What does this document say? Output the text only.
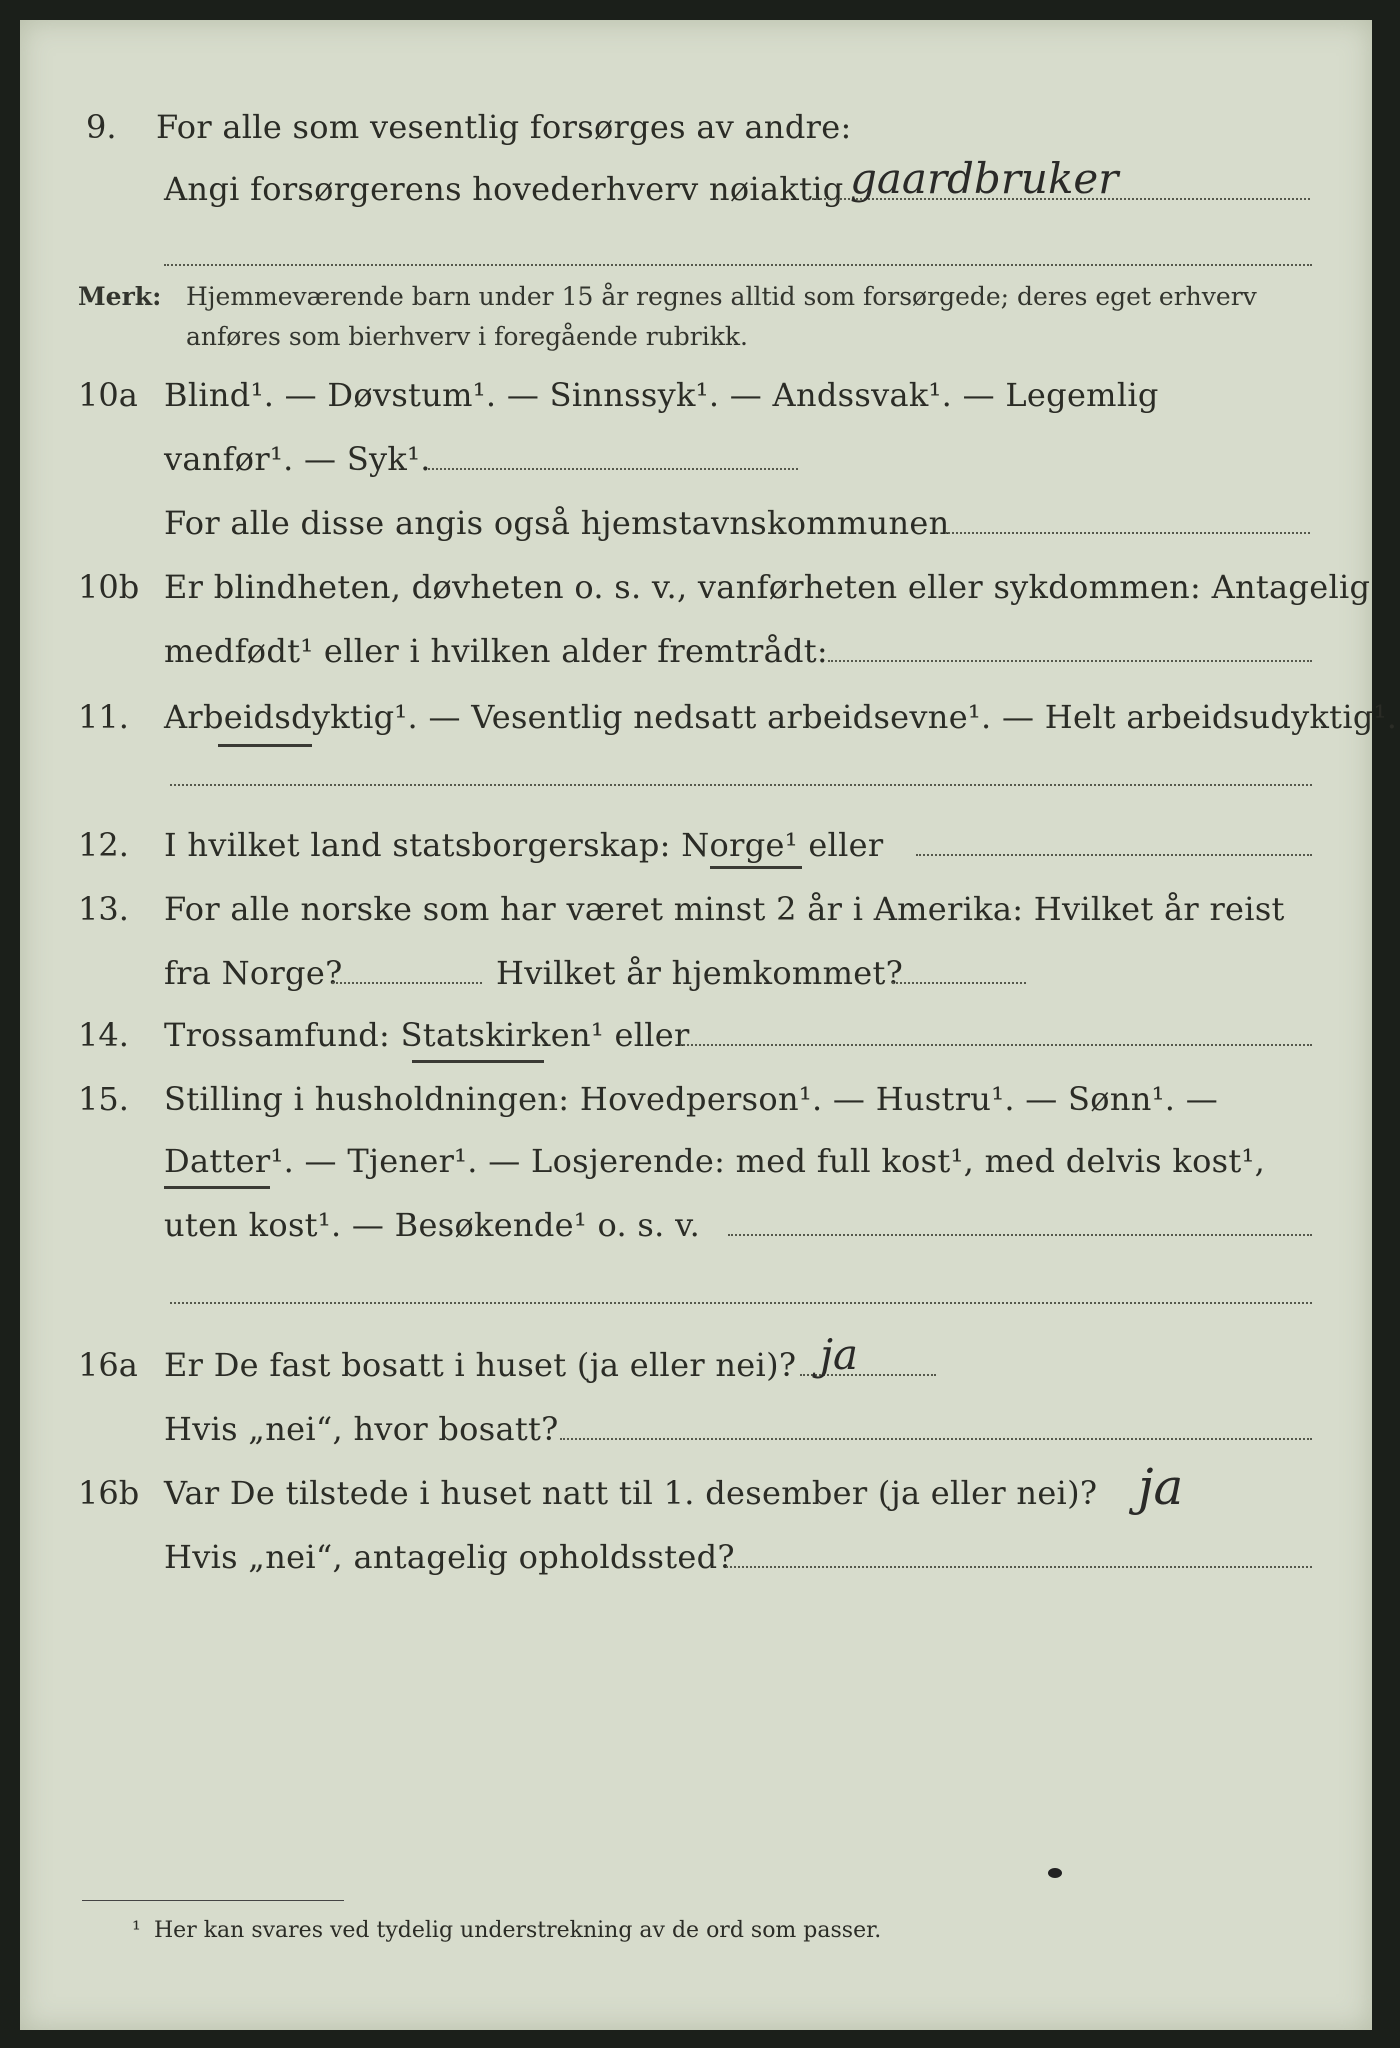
9. For alle som vesentlig forsørges av andre:
Angi forsørgerens hovederhverv nøiaktig gaardbruker
Merk: Hjemmeværende barn under 15 år regnes alltid som forsørgede; deres eget erhverv
anføres som bierhverv i foregående rubrikk.
10a Blind¹. — Døvstum¹. — Sinnssyk¹. — Andssvak¹. — Legemlig
vanfør¹. — Syk¹.
For alle disse angis også hjemstavnskommunen
10b Er blindheten, døvheten o. s. v., vanførheten eller sykdommen: Antagelig
medfødt¹ eller i hvilken alder fremtrådt:
11. Arbeidsdyktig¹. — Vesentlig nedsatt arbeidsevne¹. — Helt arbeidsudyktig¹.
12. I hvilket land statsborgerskap: Norge¹ eller
13. For alle norske som har været minst 2 år i Amerika: Hvilket år reist
fra Norge?	Hvilket år hjemkommet?
14. Trossamfund: Statskirken¹ eller
15. Stilling i husholdningen: Hovedperson¹. — Hustru¹. — Sønn¹. —
Datter¹. — Tjener¹. — Losjerende: med full kost¹, med delvis kost¹,
uten kost¹. — Besøkende¹ o. s. v.
16a Er De fast bosatt i huset (ja eller nei)? ja
Hvis „nei“, hvor bosatt?
16b Var De tilstede i huset natt til 1. desember (ja eller nei)? ja
Hvis „nei“, antagelig opholdssted?
¹ Her kan svares ved tydelig understrekning av de ord som passer.
